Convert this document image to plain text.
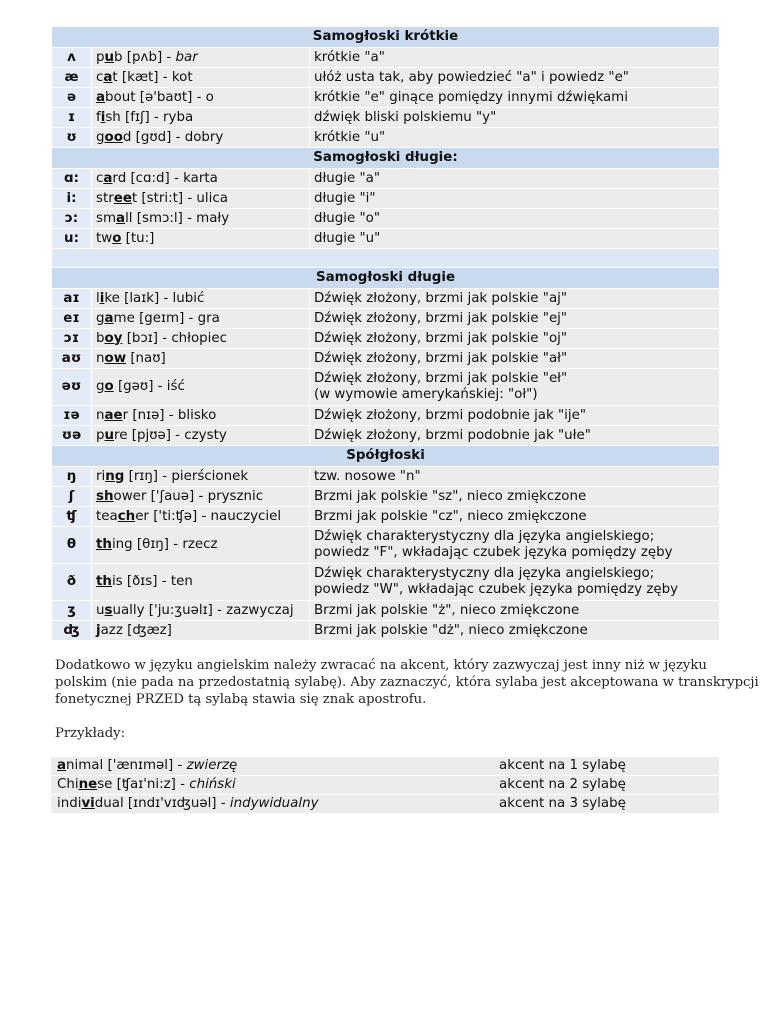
Samogłoski krótkie		
ʌ	pub [pʌb] - bar	krótkie "a"
æ	cat [kæt] - kot	ułóż usta tak, aby powiedzieć "a" i powiedz "e"
ə	about [ə'baʊt] - o	krótkie "e" ginące pomiędzy innymi dźwiękami
ɪ	fish [fɪʃ] - ryba	dźwięk bliski polskiemu "y"
ʊ	good [gʊd] - dobry	krótkie "u"
Samogłoski długie:		
ɑ:	card [cɑ:d] - karta	długie "a"
i:	street [stri:t] - ulica	długie "i"
ɔ:	small [smɔ:l] - mały	długie "o"
u:	two [tu:]	długie "u"

Samogłoski długie		
aɪ	like [laɪk] - lubić	Dźwięk złożony, brzmi jak polskie "aj"
eɪ	game [geɪm] - gra	Dźwięk złożony, brzmi jak polskie "ej"
ɔɪ	boy [bɔɪ] - chłopiec	Dźwięk złożony, brzmi jak polskie "oj"
aʊ	now [naʊ]	Dźwięk złożony, brzmi jak polskie "ał"
əʊ	go [gəʊ] - iść	Dźwięk złożony, brzmi jak polskie "eł"
(w wymowie amerykańskiej: "oł")
ɪə	naer [nɪə] - blisko	Dźwięk złożony, brzmi podobnie jak "ije"
ʊə	pure [pjʊə] - czysty	Dźwięk złożony, brzmi podobnie jak "ułe"
Spółgłoski		
ŋ	ring [rɪŋ] - pierścionek	tzw. nosowe "n"
ʃ	shower ['ʃauə] - prysznic	Brzmi jak polskie "sz", nieco zmiękczone
ʧ	teacher ['ti:ʧə] - nauczyciel	Brzmi jak polskie "cz", nieco zmiękczone
θ	thing [θɪŋ] - rzecz	Dźwięk charakterystyczny dla języka angielskiego;
powiedz "F", wkładając czubek języka pomiędzy zęby
ð	this [ðɪs] - ten	Dźwięk charakterystyczny dla języka angielskiego;
powiedz "W", wkładając czubek języka pomiędzy zęby
ʒ	usually ['ju:ʒuəlɪ] - zazwyczaj	Brzmi jak polskie "ż", nieco zmiękczone
ʤ	jazz [ʤæz]	Brzmi jak polskie "dż", nieco zmiękczone
Dodatkowo w języku angielskim należy zwracać na akcent, który zazwyczaj jest inny niż w języku
polskim (nie pada na przedostatnią sylabę). Aby zaznaczyć, która sylaba jest akceptowana w transkrypcji
fonetycznej PRZED tą sylabą stawia się znak apostrofu.
Przykłady:
animal ['ænɪməl] - zwierzę	akcent na 1 sylabę
Chinese [ʧaɪ'ni:z] - chiński	akcent na 2 sylabę
individual [ɪndɪ'vɪʤuəl] - indywidualny	akcent na 3 sylabę
